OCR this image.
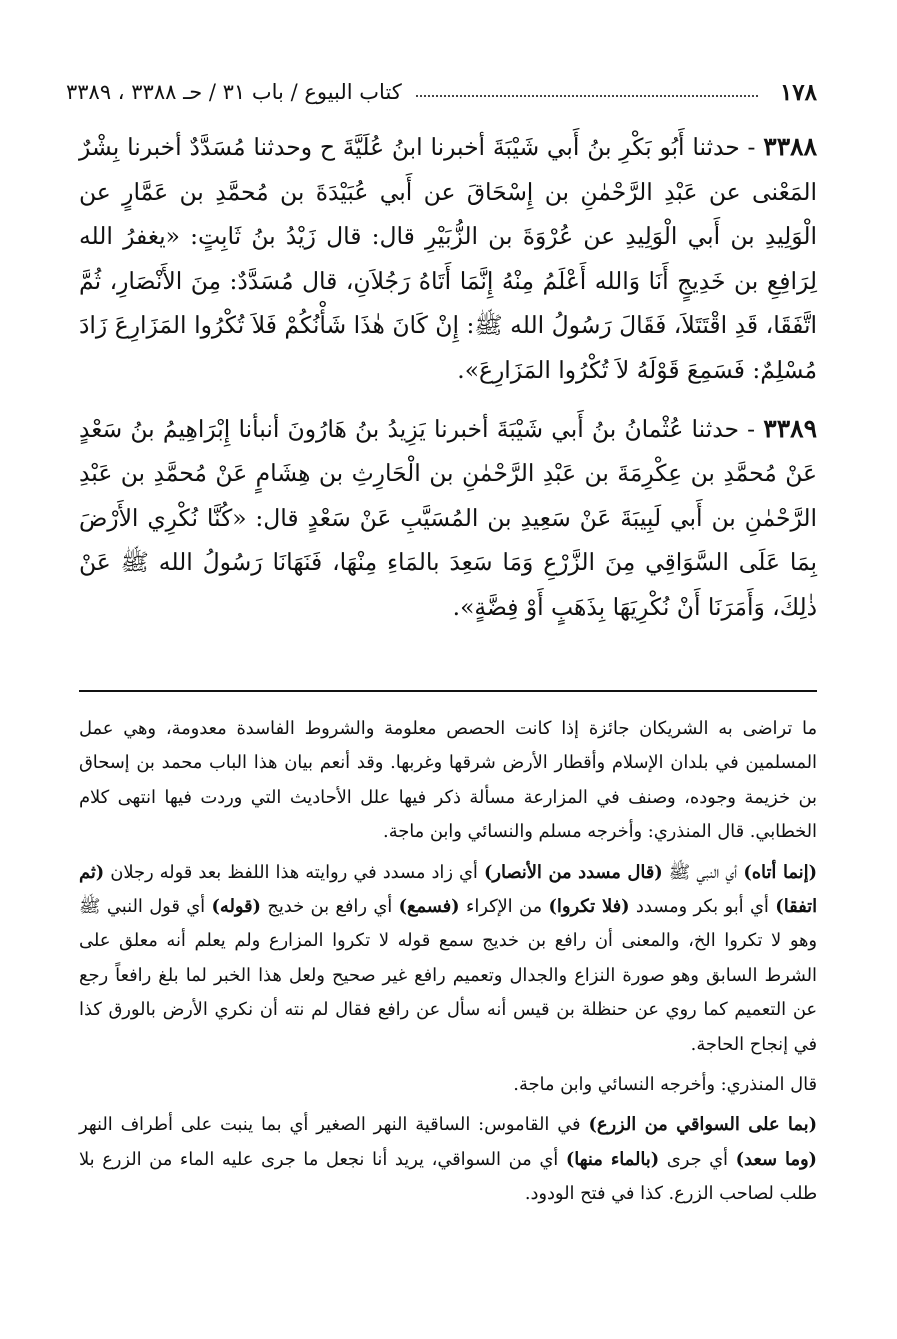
١٧٨
كتاب البيوع / باب ٣١ / حـ ٣٣٨٨ ، ٣٣٨٩

٣٣٨٨ - حدثنا أَبُو بَكْرِ بنُ أَبي شَيْبَةَ أخبرنا ابنُ عُلَيَّةَ ح وحدثنا مُسَدَّدٌ أخبرنا بِشْرٌ المَعْنى عن عَبْدِ الرَّحْمٰنِ بن إِسْحَاقَ عن أَبي عُبَيْدَةَ بن مُحمَّدِ بن عَمَّارٍ عن الْوَلِيدِ بن أَبي الْوَلِيدِ عن عُرْوَةَ بن الزُّبَيْرِ قال: قال زَيْدُ بنُ ثَابِتٍ: «يغفرُ الله لِرَافِعِ بن خَدِيجٍ أَنَا وَالله أَعْلَمُ مِنْهُ إِنَّمَا أَتَاهُ رَجُلاَنِ، قال مُسَدَّدٌ: مِنَ الأَنْصَارِ، ثُمَّ اتَّفَقَا، قَدِ اقْتَتَلاَ، فَقَالَ رَسُولُ الله ﷺ: إِنْ كَانَ هٰذَا شَأْنُكُمْ فَلاَ تُكْرُوا المَزَارِعَ زَادَ مُسْلِمٌ: فَسَمِعَ قَوْلَهُ لاَ تُكْرُوا المَزَارِعَ».

٣٣٨٩ - حدثنا عُثْمانُ بنُ أَبي شَيْبَةَ أخبرنا يَزِيدُ بنُ هَارُونَ أنبأنا إِبْرَاهِيمُ بنُ سَعْدٍ عَنْ مُحمَّدِ بن عِكْرِمَةَ بن عَبْدِ الرَّحْمٰنِ بن الْحَارِثِ بن هِشَامٍ عَنْ مُحمَّدِ بن عَبْدِ الرَّحْمٰنِ بن أَبي لَبِيبَةَ عَنْ سَعِيدِ بن المُسَيَّبِ عَنْ سَعْدٍ قال: «كُنَّا نُكْرِي الأَرْضَ بِمَا عَلَى السَّوَاقِي مِنَ الزَّرْعِ وَمَا سَعِدَ بالمَاءِ مِنْهَا، فَنَهَانَا رَسُولُ الله ﷺ عَنْ ذٰلِكَ، وَأَمَرَنَا أَنْ نُكْرِيَهَا بِذَهَبٍ أَوْ فِضَّةٍ».

ما تراضى به الشريكان جائزة إذا كانت الحصص معلومة والشروط الفاسدة معدومة، وهي عمل المسلمين في بلدان الإسلام وأقطار الأرض شرقها وغربها. وقد أنعم بيان هذا الباب محمد بن إسحاق بن خزيمة وجوده، وصنف في المزارعة مسألة ذكر فيها علل الأحاديث التي وردت فيها انتهى كلام الخطابي. قال المنذري: وأخرجه مسلم والنسائي وابن ماجة.

(إنما أتاه) أي النبي ﷺ (قال مسدد من الأنصار) أي زاد مسدد في روايته هذا اللفظ بعد قوله رجلان (ثم اتفقا) أي أبو بكر ومسدد (فلا تكروا) من الإكراء (فسمع) أي رافع بن خديج (قوله) أي قول النبي ﷺ وهو لا تكروا الخ، والمعنى أن رافع بن خديج سمع قوله لا تكروا المزارع ولم يعلم أنه معلق على الشرط السابق وهو صورة النزاع والجدال وتعميم رافع غير صحيح ولعل هذا الخبر لما بلغ رافعاً رجع عن التعميم كما روي عن حنظلة بن قيس أنه سأل عن رافع فقال لم نته أن نكري الأرض بالورق كذا في إنجاح الحاجة.

قال المنذري: وأخرجه النسائي وابن ماجة.

(بما على السواقي من الزرع) في القاموس: الساقية النهر الصغير أي بما ينبت على أطراف النهر (وما سعد) أي جرى (بالماء منها) أي من السواقي، يريد أنا نجعل ما جرى عليه الماء من الزرع بلا طلب لصاحب الزرع. كذا في فتح الودود.
